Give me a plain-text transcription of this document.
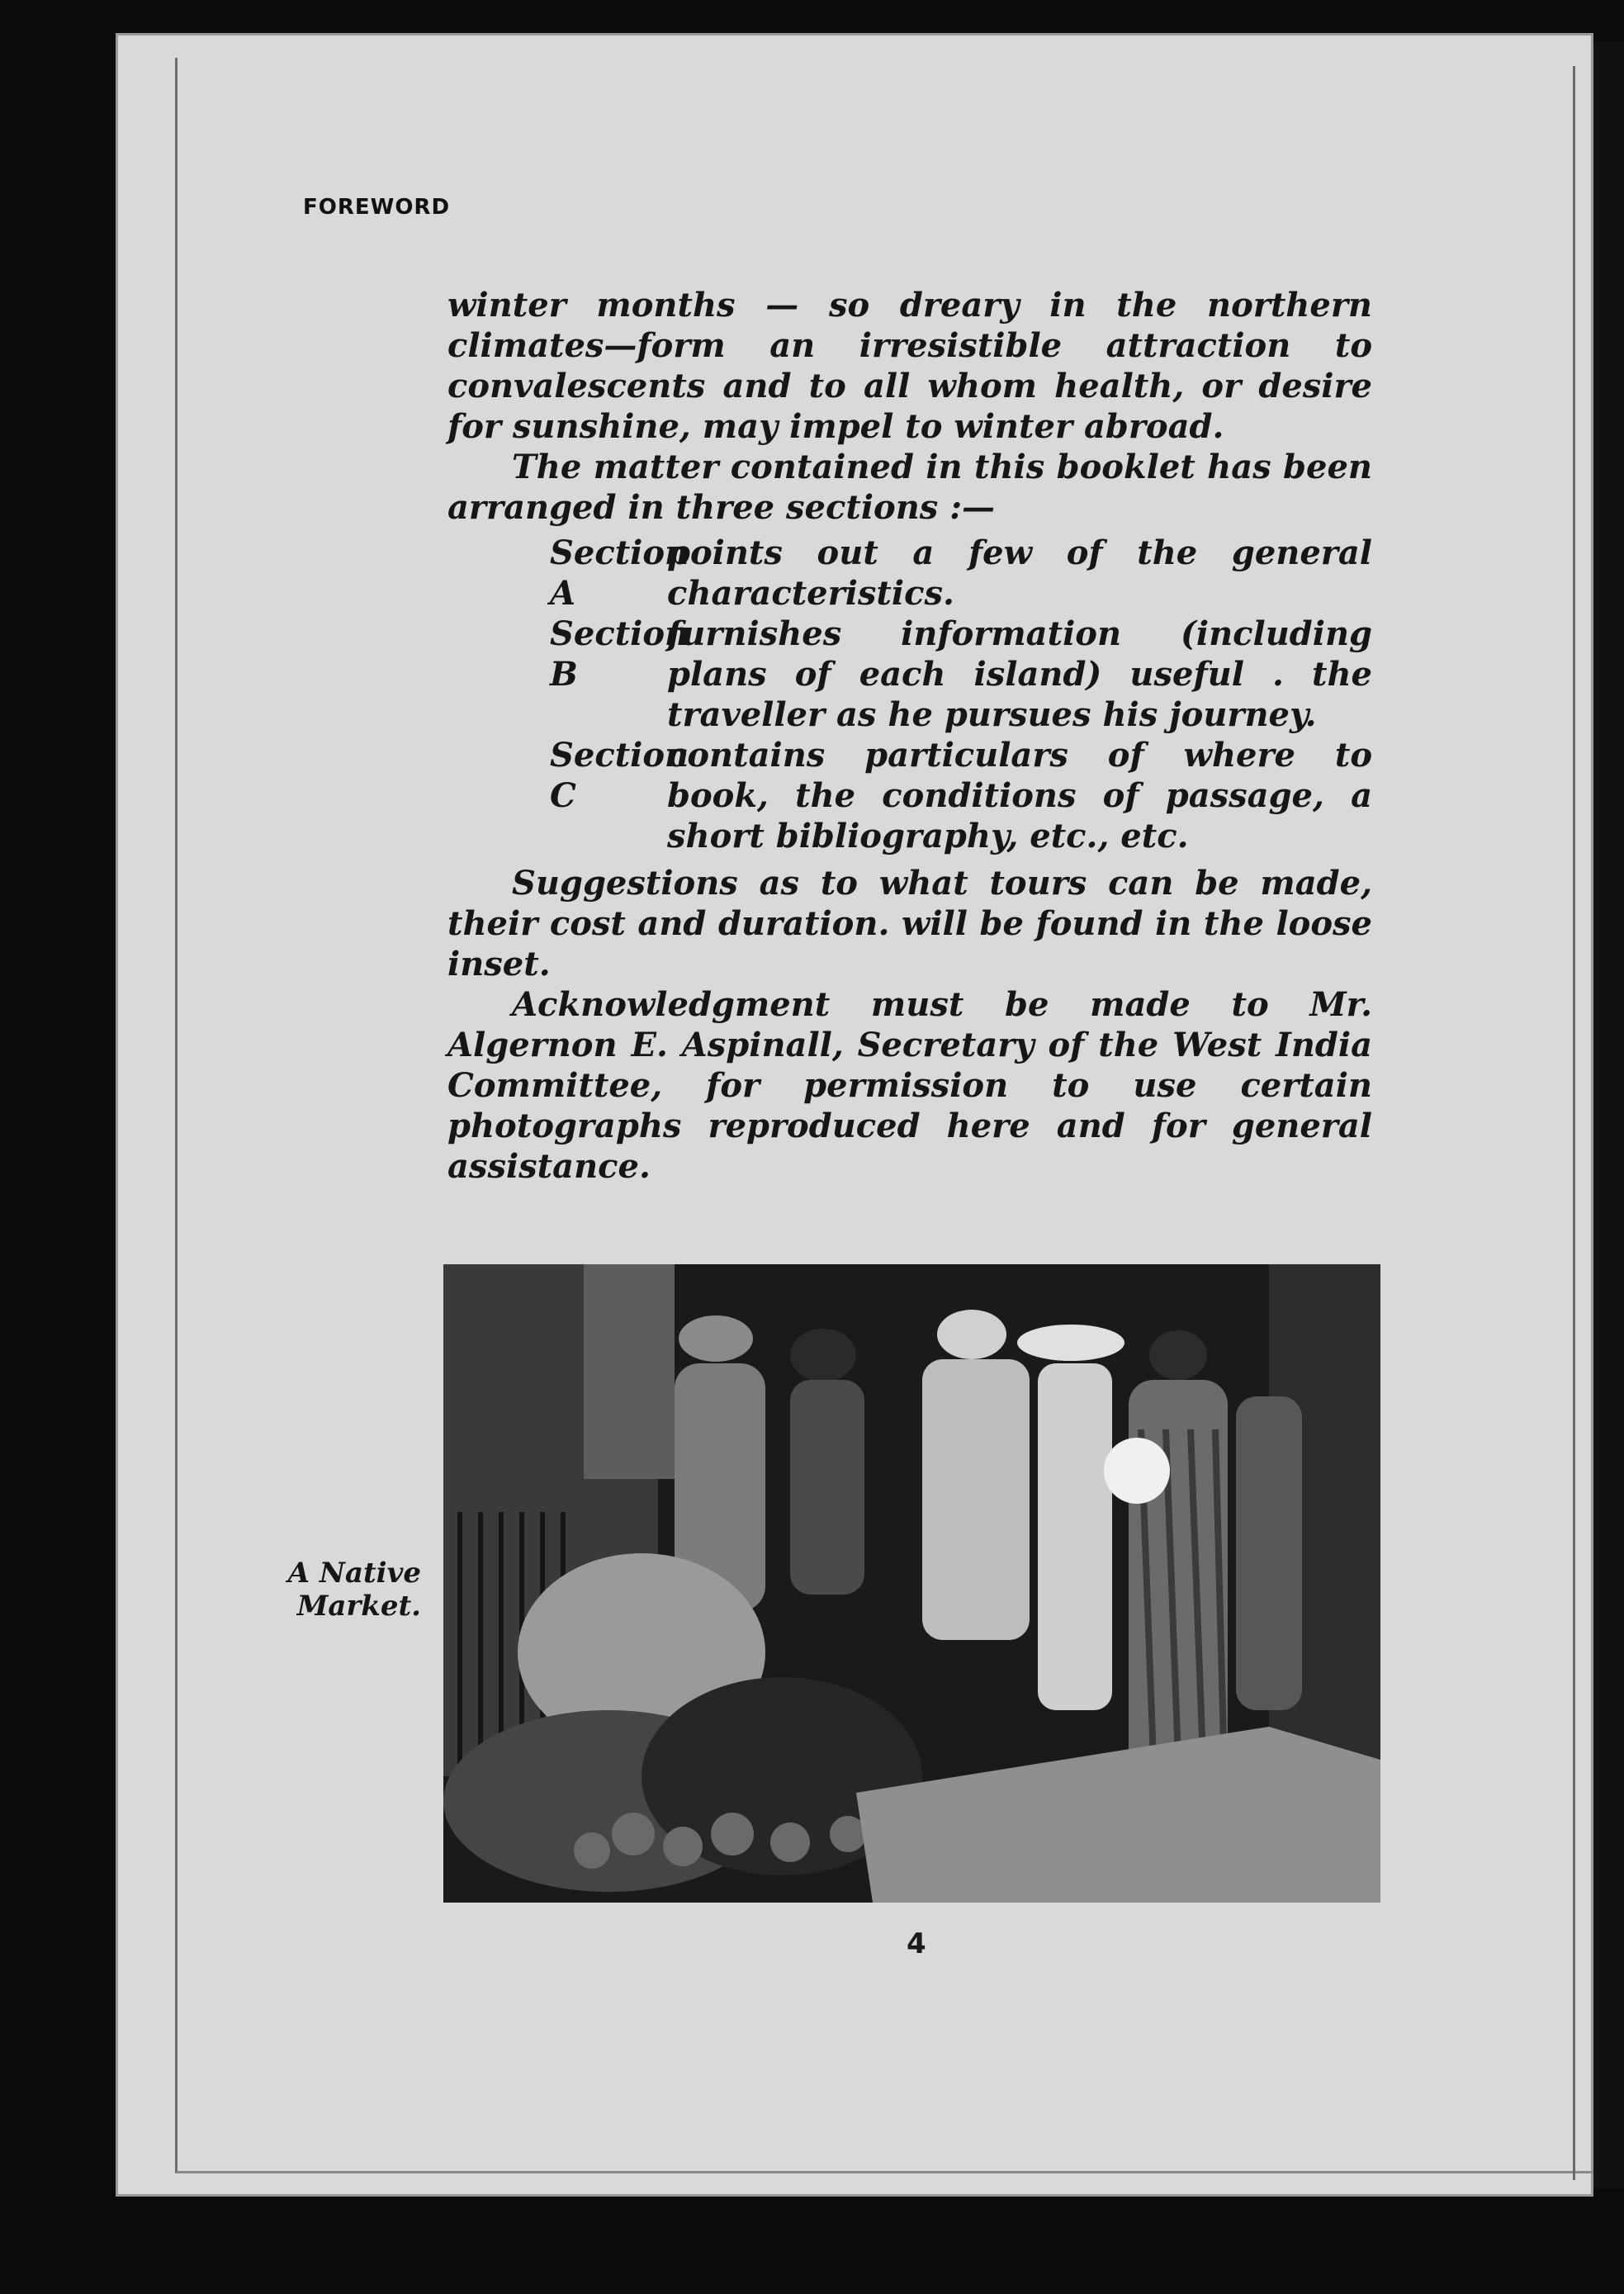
FOREWORD

winter months — so dreary in the northern climates—form an irresistible attraction to convalescents and to all whom health, or desire for sunshine, may impel to winter abroad.

The matter contained in this booklet has been arranged in three sections :—

Section A
points out a few of the general characteristics.
Section B
furnishes information (including plans of each island) useful . the traveller as he pursues his journey.
Section C
contains particulars of where to book, the conditions of passage, a short bibliography, etc., etc.

Suggestions as to what tours can be made, their cost and duration. will be found in the loose inset.

Acknowledgment must be made to Mr. Algernon E. Aspinall, Secretary of the West India Committee, for permission to use certain photographs reproduced here and for general assistance.

A Native Market.
4
